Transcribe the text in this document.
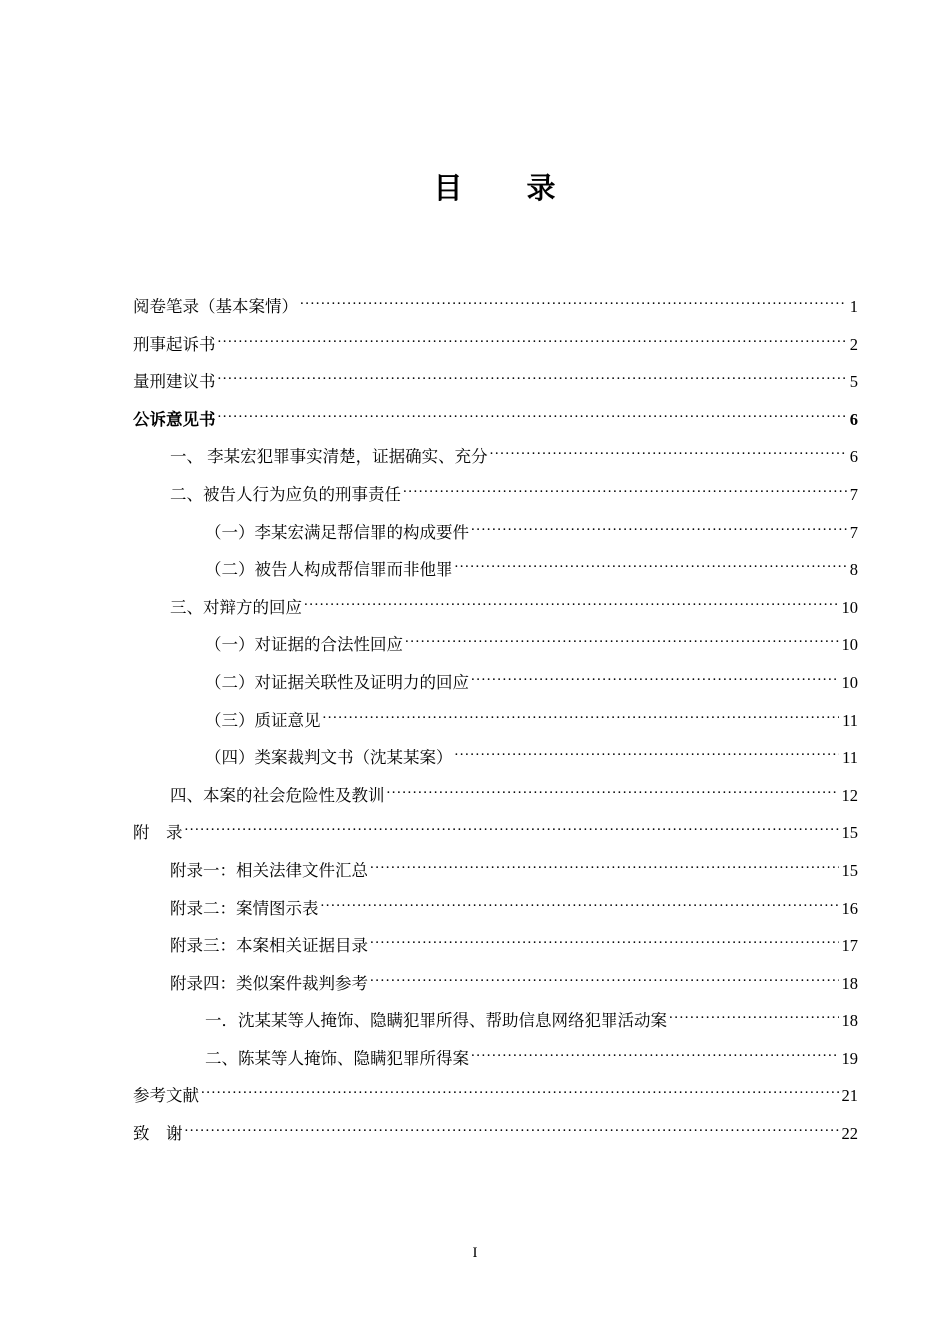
目　　录
阅卷笔录（基本案情） .....	1
刑事起诉书 .....	2
量刑建议书 .....	5
公诉意见书 .....	6
一、 李某宏犯罪事实清楚，证据确实、充分 .....	6
二、被告人行为应负的刑事责任 .....	7
（一）李某宏满足帮信罪的构成要件 .....	7
（二）被告人构成帮信罪而非他罪 .....	8
三、对辩方的回应 .....	10
（一）对证据的合法性回应 .....	10
（二）对证据关联性及证明力的回应 .....	10
（三）质证意见 .....	11
（四）类案裁判文书（沈某某案） .....	11
四、本案的社会危险性及教训 .....	12
附　录 .....	15
附录一：相关法律文件汇总 .....	15
附录二：案情图示表 .....	16
附录三：本案相关证据目录 .....	17
附录四：类似案件裁判参考 .....	18
一．沈某某等人掩饰、隐瞒犯罪所得、帮助信息网络犯罪活动案 .....	18
二、陈某等人掩饰、隐瞒犯罪所得案 .....	19
参考文献 .....	21
致　谢 .....	22
I
